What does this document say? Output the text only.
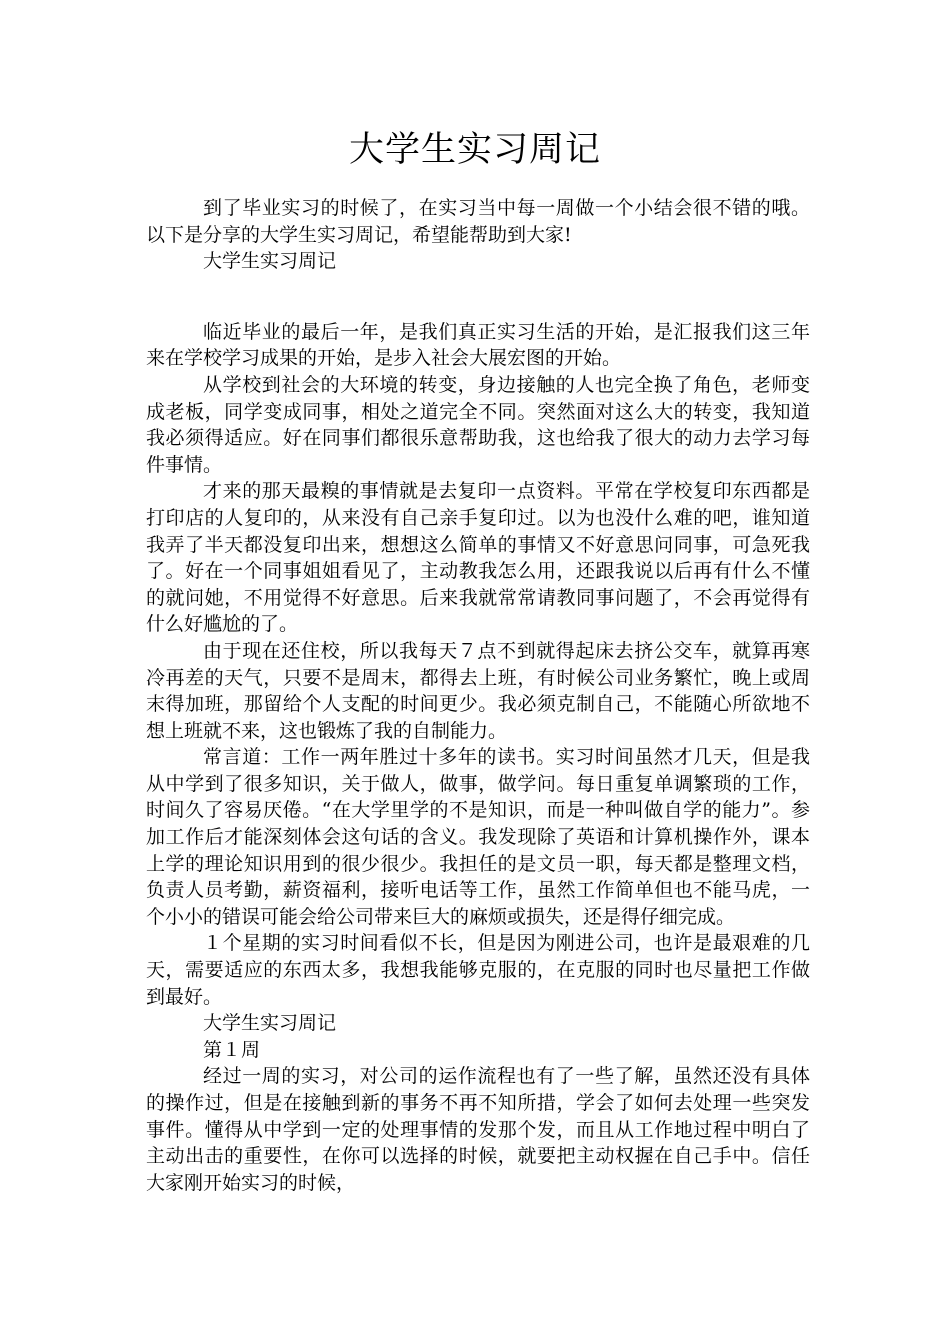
大学生实习周记

到了毕业实习的时候了，在实习当中每一周做一个小结会很不错的哦。以下是分享的大学生实习周记，希望能帮助到大家!

大学生实习周记

临近毕业的最后一年，是我们真正实习生活的开始，是汇报我们这三年来在学校学习成果的开始，是步入社会大展宏图的开始。

从学校到社会的大环境的转变，身边接触的人也完全换了角色，老师变成老板，同学变成同事，相处之道完全不同。突然面对这么大的转变，我知道我必须得适应。好在同事们都很乐意帮助我，这也给我了很大的动力去学习每件事情。

才来的那天最糗的事情就是去复印一点资料。平常在学校复印东西都是打印店的人复印的，从来没有自己亲手复印过。以为也没什么难的吧，谁知道我弄了半天都没复印出来，想想这么简单的事情又不好意思问同事，可急死我了。好在一个同事姐姐看见了，主动教我怎么用，还跟我说以后再有什么不懂的就问她，不用觉得不好意思。后来我就常常请教同事问题了，不会再觉得有什么好尴尬的了。

由于现在还住校，所以我每天７点不到就得起床去挤公交车，就算再寒冷再差的天气，只要不是周末，都得去上班，有时候公司业务繁忙，晚上或周末得加班，那留给个人支配的时间更少。我必须克制自己，不能随心所欲地不想上班就不来，这也锻炼了我的自制能力。

常言道：工作一两年胜过十多年的读书。实习时间虽然才几天，但是我从中学到了很多知识，关于做人，做事，做学问。每日重复单调繁琐的工作，时间久了容易厌倦。“在大学里学的不是知识，而是一种叫做自学的能力”。参加工作后才能深刻体会这句话的含义。我发现除了英语和计算机操作外，课本上学的理论知识用到的很少很少。我担任的是文员一职，每天都是整理文档，负责人员考勤，薪资福利，接听电话等工作，虽然工作简单但也不能马虎，一个小小的错误可能会给公司带来巨大的麻烦或损失，还是得仔细完成。

１个星期的实习时间看似不长，但是因为刚进公司，也许是最艰难的几天，需要适应的东西太多，我想我能够克服的，在克服的同时也尽量把工作做到最好。

大学生实习周记

第１周

经过一周的实习，对公司的运作流程也有了一些了解，虽然还没有具体的操作过，但是在接触到新的事务不再不知所措，学会了如何去处理一些突发事件。懂得从中学到一定的处理事情的发那个发，而且从工作地过程中明白了主动出击的重要性，在你可以选择的时候，就要把主动权握在自己手中。信任大家刚开始实习的时候，
